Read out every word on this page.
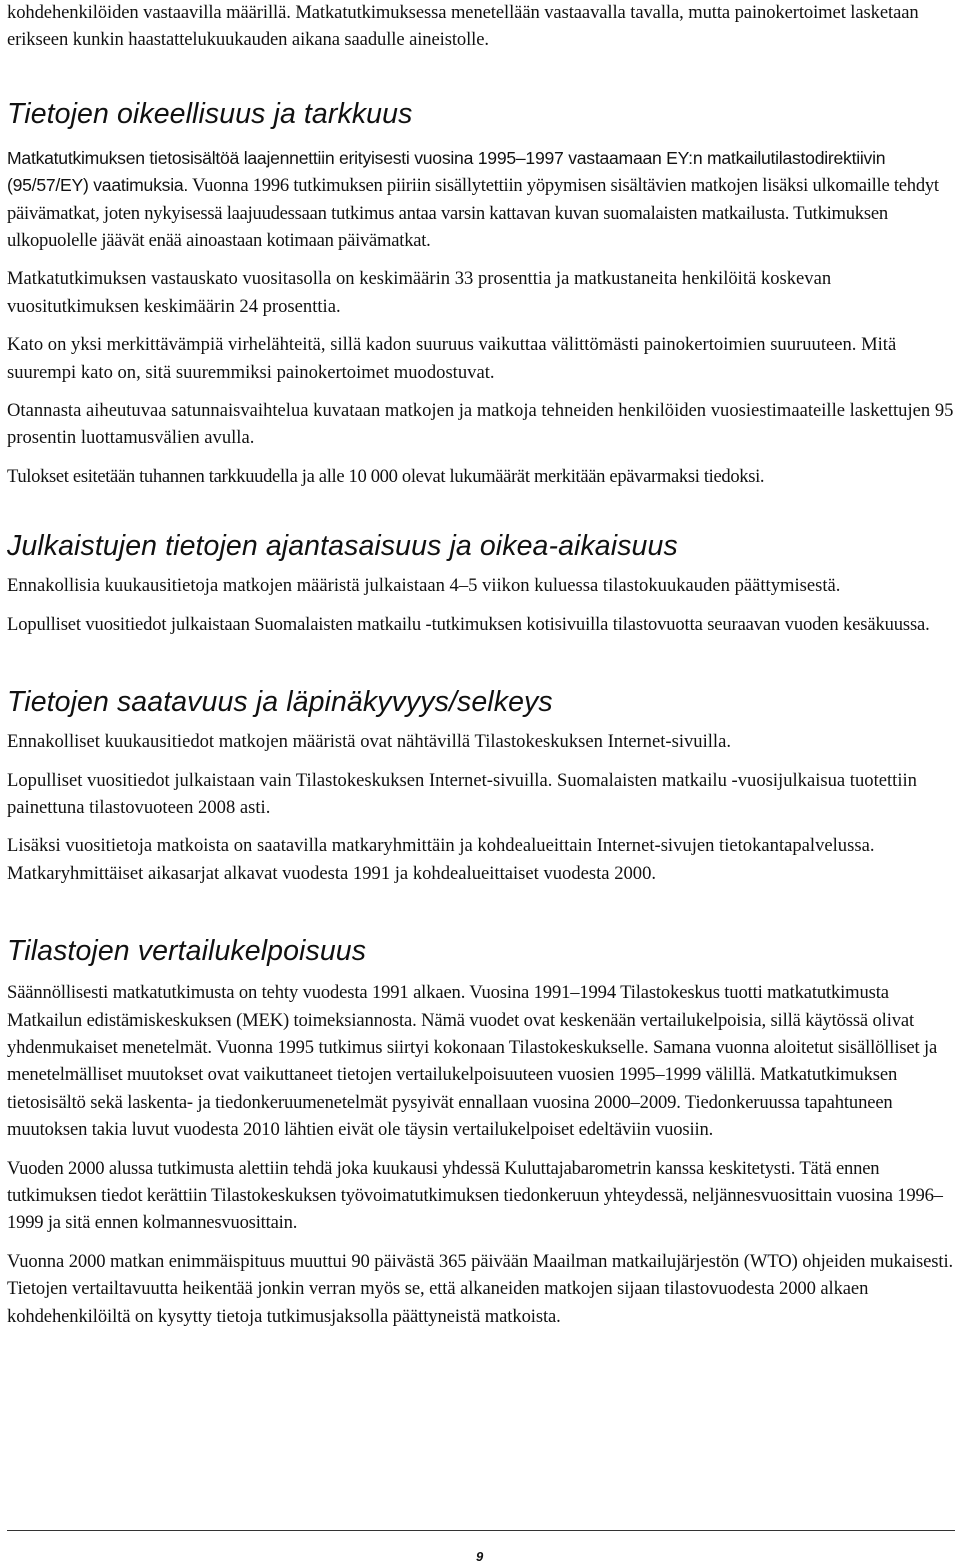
kohdehenkilöiden vastaavilla määrillä. Matkatutkimuksessa menetellään vastaavalla tavalla, mutta painokertoimet lasketaan erikseen kunkin haastattelukuukauden aikana saadulle aineistolle.

Tietojen oikeellisuus ja tarkkuus

Matkatutkimuksen tietosisältöä laajennettiin erityisesti vuosina 1995–1997 vastaamaan EY:n matkailutilastodirektiivin (95/57/EY) vaatimuksia. Vuonna 1996 tutkimuksen piiriin sisällytettiin yöpymisen sisältävien matkojen lisäksi ulkomaille tehdyt päivämatkat, joten nykyisessä laajuudessaan tutkimus antaa varsin kattavan kuvan suomalaisten matkailusta. Tutkimuksen ulkopuolelle jäävät enää ainoastaan kotimaan päivämatkat.

Matkatutkimuksen vastauskato vuositasolla on keskimäärin 33 prosenttia ja matkustaneita henkilöitä koskevan vuositutkimuksen keskimäärin 24 prosenttia.

Kato on yksi merkittävämpiä virhelähteitä, sillä kadon suuruus vaikuttaa välittömästi painokertoimien suuruuteen. Mitä suurempi kato on, sitä suuremmiksi painokertoimet muodostuvat.

Otannasta aiheutuvaa satunnaisvaihtelua kuvataan matkojen ja matkoja tehneiden henkilöiden vuosiestimaateille laskettujen 95 prosentin luottamusvälien avulla.

Tulokset esitetään tuhannen tarkkuudella ja alle 10 000 olevat lukumäärät merkitään epävarmaksi tiedoksi.

Julkaistujen tietojen ajantasaisuus ja oikea-aikaisuus

Ennakollisia kuukausitietoja matkojen määristä julkaistaan 4–5 viikon kuluessa tilastokuukauden päättymisestä.

Lopulliset vuositiedot julkaistaan Suomalaisten matkailu -tutkimuksen kotisivuilla tilastovuotta seuraavan vuoden kesäkuussa.

Tietojen saatavuus ja läpinäkyvyys/selkeys

Ennakolliset kuukausitiedot matkojen määristä ovat nähtävillä Tilastokeskuksen Internet-sivuilla.

Lopulliset vuositiedot julkaistaan vain Tilastokeskuksen Internet-sivuilla. Suomalaisten matkailu -vuosijulkaisua tuotettiin painettuna tilastovuoteen 2008 asti.

Lisäksi vuositietoja matkoista on saatavilla matkaryhmittäin ja kohdealueittain Internet-sivujen tietokantapalvelussa. Matkaryhmittäiset aikasarjat alkavat vuodesta 1991 ja kohdealueittaiset vuodesta 2000.

Tilastojen vertailukelpoisuus

Säännöllisesti matkatutkimusta on tehty vuodesta 1991 alkaen. Vuosina 1991–1994 Tilastokeskus tuotti matkatutkimusta Matkailun edistämiskeskuksen (MEK) toimeksiannosta. Nämä vuodet ovat keskenään vertailukelpoisia, sillä käytössä olivat yhdenmukaiset menetelmät. Vuonna 1995 tutkimus siirtyi kokonaan Tilastokeskukselle. Samana vuonna aloitetut sisällölliset ja menetelmälliset muutokset ovat vaikuttaneet tietojen vertailukelpoisuuteen vuosien 1995–1999 välillä. Matkatutkimuksen tietosisältö sekä laskenta- ja tiedonkeruumenetelmät pysyivät ennallaan vuosina 2000–2009. Tiedonkeruussa tapahtuneen muutoksen takia luvut vuodesta 2010 lähtien eivät ole täysin vertailukelpoiset edeltäviin vuosiin.

Vuoden 2000 alussa tutkimusta alettiin tehdä joka kuukausi yhdessä Kuluttajabarometrin kanssa keskitetysti. Tätä ennen tutkimuksen tiedot kerättiin Tilastokeskuksen työvoimatutkimuksen tiedonkeruun yhteydessä, neljännesvuosittain vuosina 1996–1999 ja sitä ennen kolmannesvuosittain.

Vuonna 2000 matkan enimmäispituus muuttui 90 päivästä 365 päivään Maailman matkailujärjestön (WTO) ohjeiden mukaisesti. Tietojen vertailtavuutta heikentää jonkin verran myös se, että alkaneiden matkojen sijaan tilastovuodesta 2000 alkaen kohdehenkilöiltä on kysytty tietoja tutkimusjaksolla päättyneistä matkoista.

9
